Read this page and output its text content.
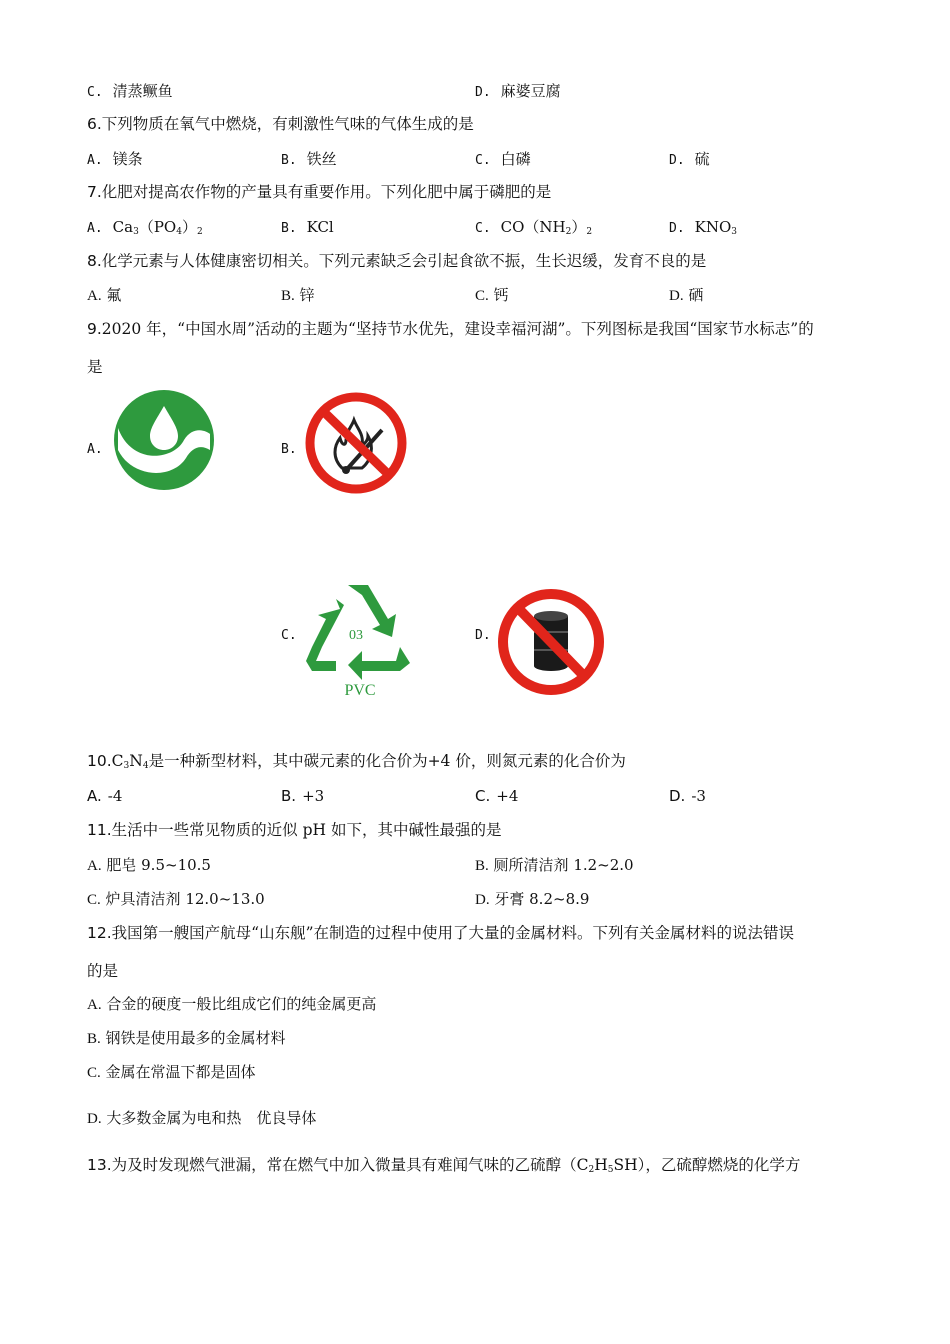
C. 清蒸鳜鱼	D. 麻婆豆腐
6.下列物质在氧气中燃烧，有刺激性气味的气体生成的是
A. 镁条	B. 铁丝	C. 白磷	D. 硫
7.化肥对提高农作物的产量具有重要作用。下列化肥中属于磷肥的是
A. $Ca_3(PO_4)_2$	B. KCl	C. $CO(NH_2)_2$	D. $KNO_3$
8.化学元素与人体健康密切相关。下列元素缺乏会引起食欲不振，生长迟缓，发育不良的是
A. 氟	B. 锌	C. 钙	D. 硒
9.2020 年，“中国水周”活动的主题为“坚持节水优先，建设幸福河湖”。下列图标是我国“国家节水标志”的
是
A.	B.
C.	03
PVC
D.
$10.C_3N_4$是一种新型材料，其中碳元素的化合价为+4 价，则氮元素的化合价为
A. -4	B. +3	C. +4	D. -3
11.生活中一些常见物质的近似 pH 如下，其中碱性最强的是
A. 肥皂 9.5~10.5	B. 厕所清洁剂 1.2~2.0
C. 炉具清洁剂 12.0~13.0	D. 牙膏 8.2~8.9
12.我国第一艘国产航母“山东舰”在制造的过程中使用了大量的金属材料。下列有关金属材料的说法错误
的是
A. 合金的硬度一般比组成它们的纯金属更高
B. 钢铁是使用最多的金属材料
C. 金属在常温下都是固体
D. 大多数金属为电和热　优良导体
13.为及时发现燃气泄漏，常在燃气中加入微量具有难闻气味的乙硫醇$(C_2H_5SH)$，乙硫醇燃烧的化学方
